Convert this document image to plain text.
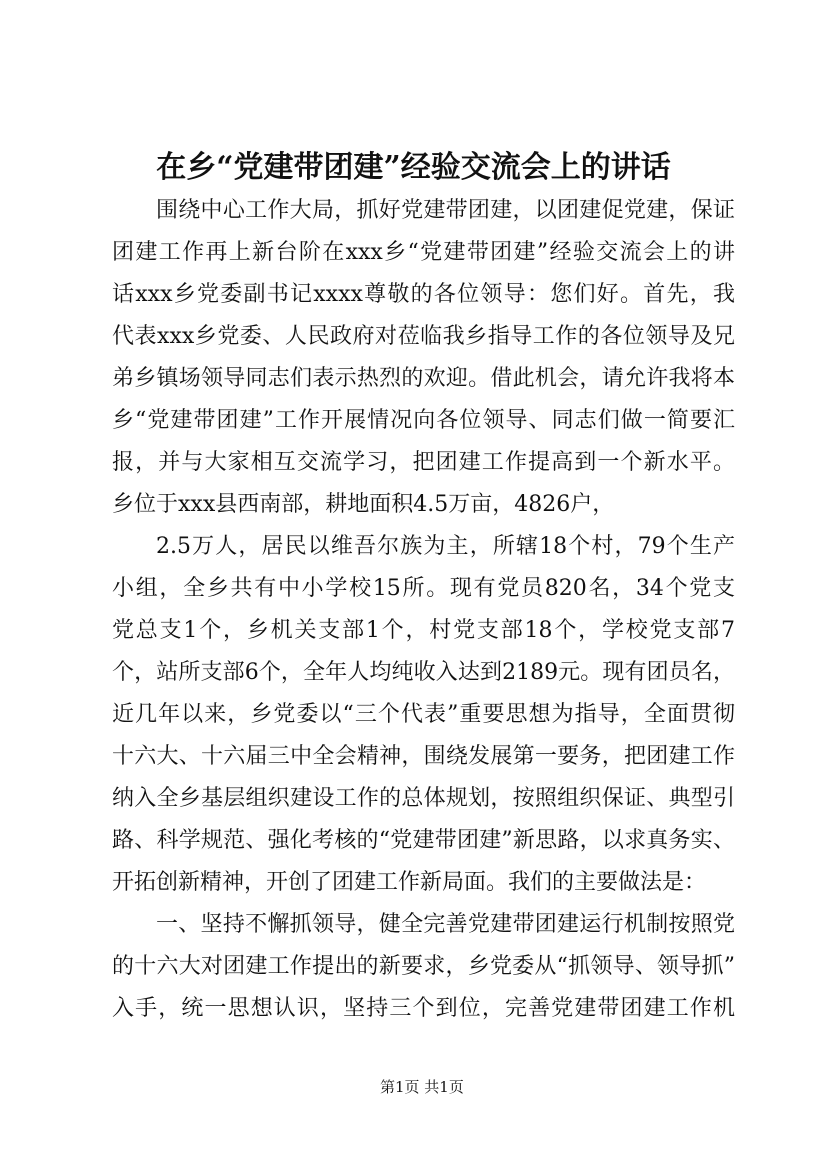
在乡“党建带团建”经验交流会上的讲话
围绕中心工作大局，抓好党建带团建，以团建促党建，保证
团建工作再上新台阶在xxx乡“党建带团建”经验交流会上的讲
话xxx乡党委副书记xxxx尊敬的各位领导：您们好。首先，我
代表xxx乡党委、人民政府对莅临我乡指导工作的各位领导及兄
弟乡镇场领导同志们表示热烈的欢迎。借此机会，请允许我将本
乡“党建带团建”工作开展情况向各位领导、同志们做一简要汇
报，并与大家相互交流学习，把团建工作提高到一个新水平。
乡位于xxx县西南部，耕地面积4.5万亩，4826户，
2.5万人，居民以维吾尔族为主，所辖18个村，79个生产
小组，全乡共有中小学校15所。现有党员820名，34个党支
党总支1个，乡机关支部1个，村党支部18个，学校党支部7
个，站所支部6个，全年人均纯收入达到2189元。现有团员名，
近几年以来，乡党委以“三个代表”重要思想为指导，全面贯彻
十六大、十六届三中全会精神，围绕发展第一要务，把团建工作
纳入全乡基层组织建设工作的总体规划，按照组织保证、典型引
路、科学规范、强化考核的“党建带团建”新思路，以求真务实、
开拓创新精神，开创了团建工作新局面。我们的主要做法是：
一、坚持不懈抓领导，健全完善党建带团建运行机制按照党
的十六大对团建工作提出的新要求，乡党委从“抓领导、领导抓”
入手，统一思想认识，坚持三个到位，完善党建带团建工作机
第1页 共1页
